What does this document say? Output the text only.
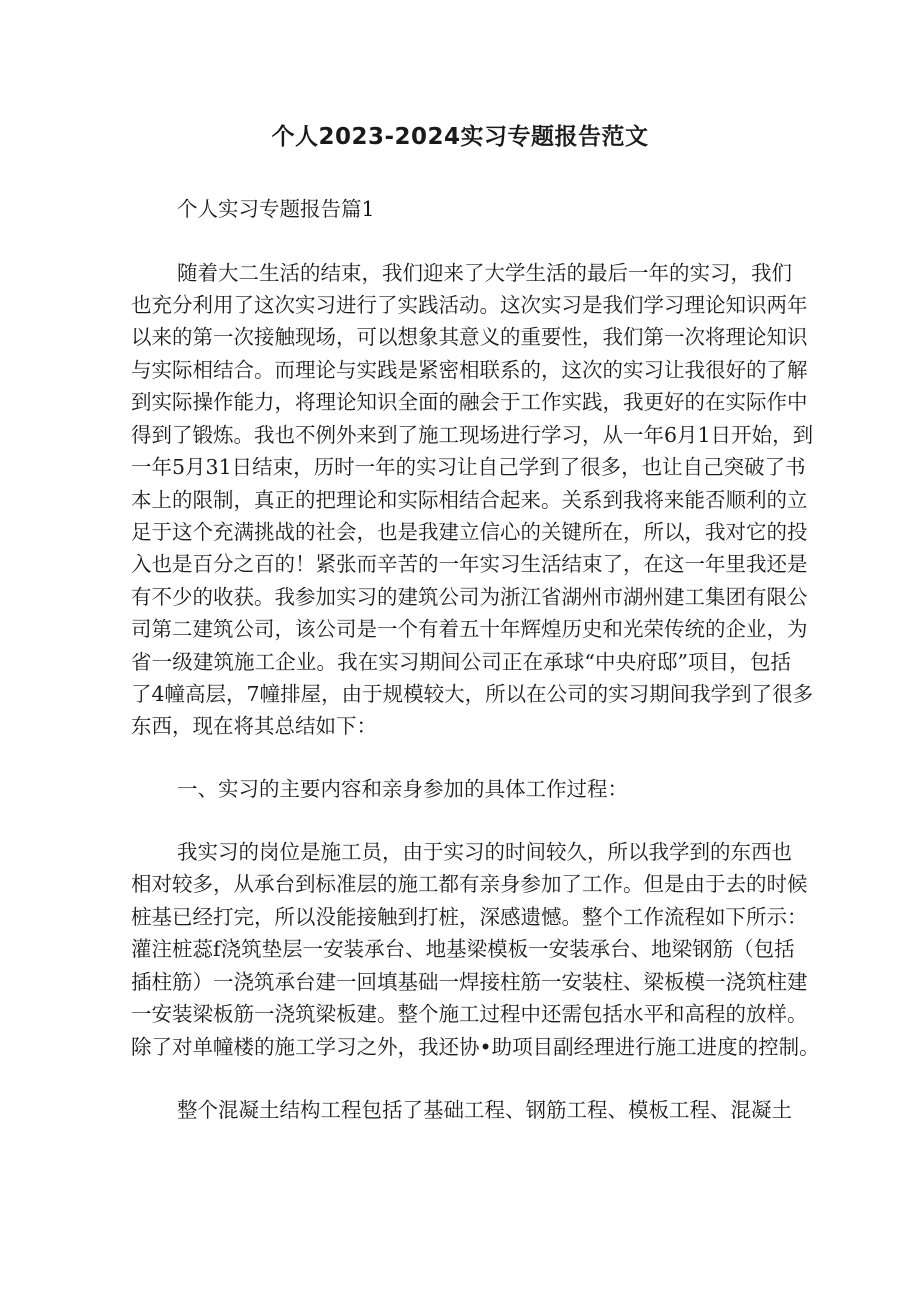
个人2023-2024实习专题报告范文

个人实习专题报告篇1

随着大二生活的结束，我们迎来了大学生活的最后一年的实习，我们

也充分利用了这次实习进行了实践活动。这次实习是我们学习理论知识两年

以来的第一次接触现场，可以想象其意义的重要性，我们第一次将理论知识

与实际相结合。而理论与实践是紧密相联系的，这次的实习让我很好的了解

到实际操作能力，将理论知识全面的融会于工作实践，我更好的在实际作中

得到了锻炼。我也不例外来到了施工现场进行学习，从一年6月1日开始，到

一年5月31日结束，历时一年的实习让自己学到了很多，也让自己突破了书

本上的限制，真正的把理论和实际相结合起来。关系到我将来能否顺利的立

足于这个充满挑战的社会，也是我建立信心的关键所在，所以，我对它的投

入也是百分之百的！紧张而辛苦的一年实习生活结束了，在这一年里我还是

有不少的收获。我参加实习的建筑公司为浙江省湖州市湖州建工集团有限公

司第二建筑公司，该公司是一个有着五十年辉煌历史和光荣传统的企业，为

省一级建筑施工企业。我在实习期间公司正在承球“中央府邸”项目，包括

了4幢高层，7幢排屋，由于规模较大，所以在公司的实习期间我学到了很多

东西，现在将其总结如下：

一、实习的主要内容和亲身参加的具体工作过程：

我实习的岗位是施工员，由于实习的时间较久，所以我学到的东西也

相对较多，从承台到标准层的施工都有亲身参加了工作。但是由于去的时候

桩基已经打完，所以没能接触到打桩，深感遗憾。整个工作流程如下所示：

灌注桩蕊f浇筑垫层一安装承台、地基梁模板一安装承台、地梁钢筋（包括

插柱筋）一浇筑承台建一回填基础一焊接柱筋一安装柱、梁板模一浇筑柱建

一安装梁板筋一浇筑梁板建。整个施工过程中还需包括水平和高程的放样。

除了对单幢楼的施工学习之外，我还协•助项目副经理进行施工进度的控制。

整个混凝土结构工程包括了基础工程、钢筋工程、模板工程、混凝土
